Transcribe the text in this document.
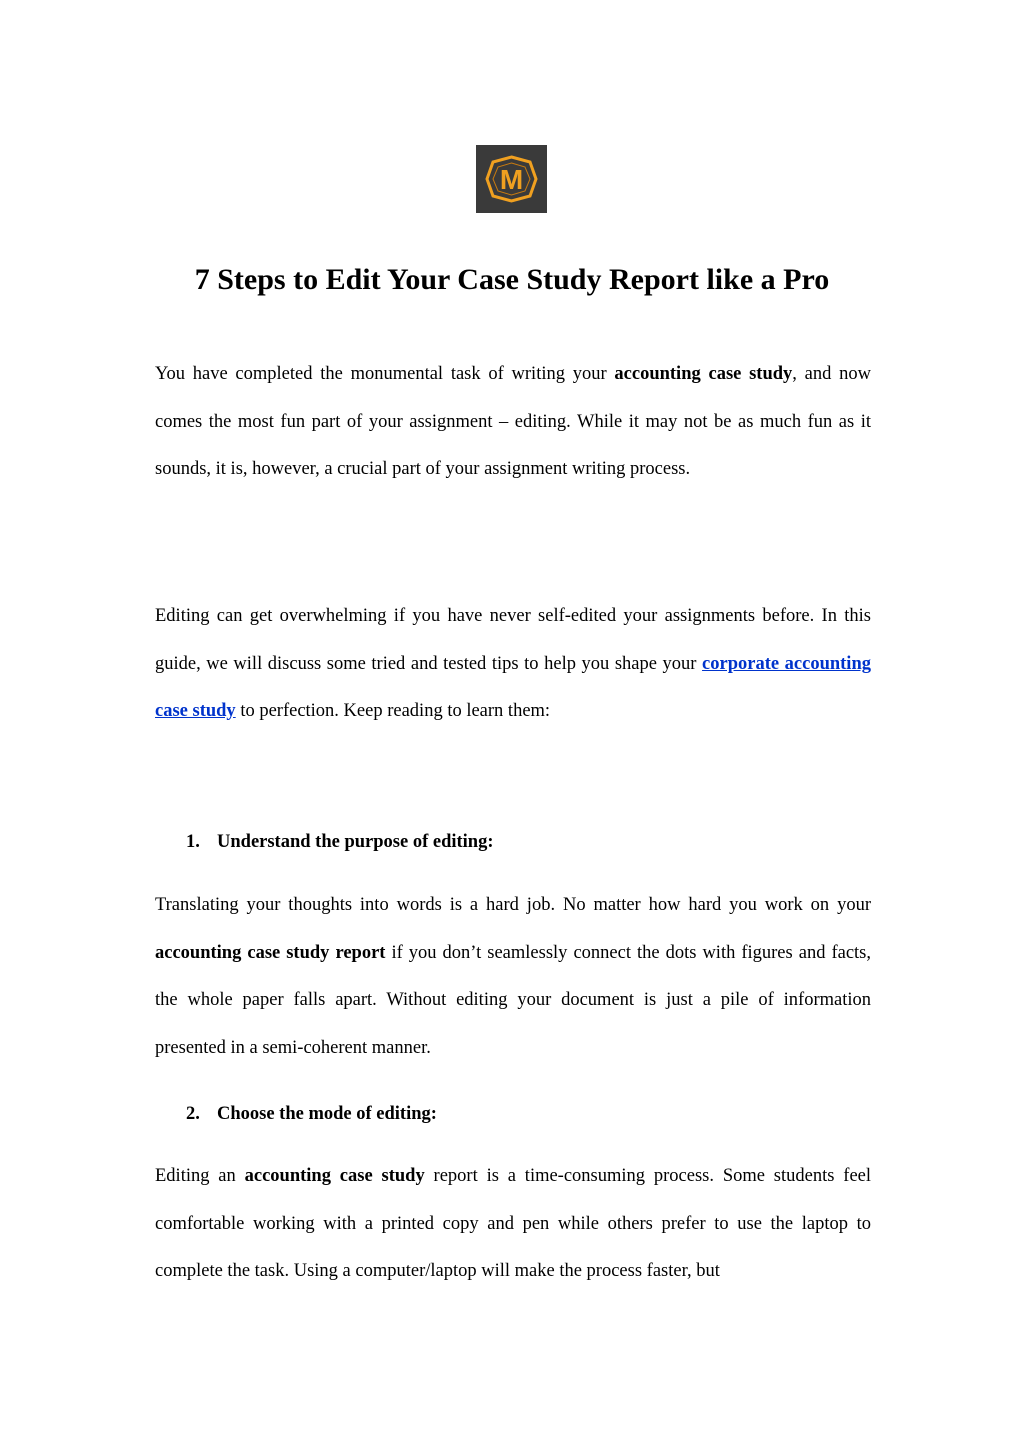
M
7 Steps to Edit Your Case Study Report like a Pro

You have completed the monumental task of writing your accounting case study, and now comes the most fun part of your assignment – editing. While it may not be as much fun as it sounds, it is, however, a crucial part of your assignment writing process.

Editing can get overwhelming if you have never self-edited your assignments before. In this guide, we will discuss some tried and tested tips to help you shape your corporate accounting case study to perfection. Keep reading to learn them:

1. Understand the purpose of editing:

Translating your thoughts into words is a hard job. No matter how hard you work on your accounting case study report if you don’t seamlessly connect the dots with figures and facts, the whole paper falls apart. Without editing your document is just a pile of information presented in a semi-coherent manner.

2. Choose the mode of editing:

Editing an accounting case study report is a time-consuming process. Some students feel comfortable working with a printed copy and pen while others prefer to use the laptop to complete the task. Using a computer/laptop will make the process faster, but
